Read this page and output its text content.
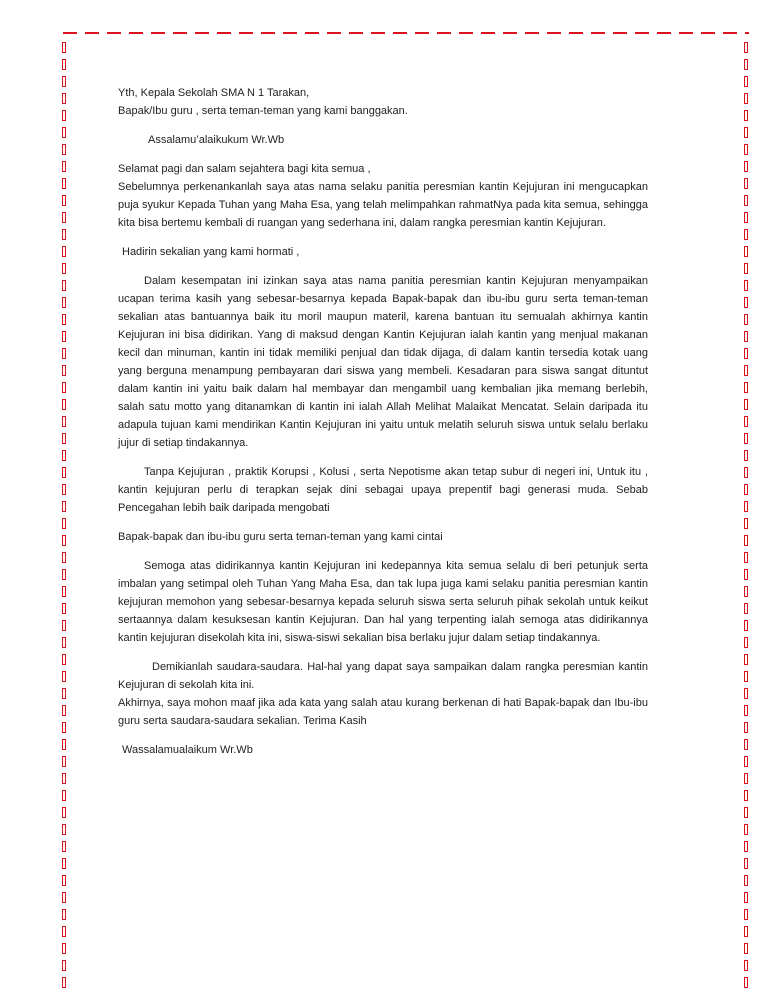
Yth, Kepala Sekolah SMA N 1 Tarakan,

Bapak/Ibu guru , serta teman-teman yang kami banggakan.

Assalamu’alaikukum Wr.Wb

Selamat pagi dan salam sejahtera bagi kita semua ,

Sebelumnya perkenankanlah saya atas nama selaku panitia peresmian kantin Kejujuran ini mengucapkan puja syukur Kepada Tuhan yang Maha Esa, yang telah melimpahkan rahmatNya pada kita semua, sehingga kita bisa bertemu kembali di ruangan yang sederhana ini, dalam rangka peresmian kantin Kejujuran.

Hadirin sekalian yang kami hormati ,

Dalam kesempatan ini izinkan saya atas nama panitia peresmian kantin Kejujuran menyampaikan ucapan terima kasih yang sebesar-besarnya kepada Bapak-bapak dan ibu-ibu guru serta teman-teman sekalian atas bantuannya baik itu moril maupun materil, karena bantuan itu semualah akhirnya kantin Kejujuran ini bisa didirikan. Yang di maksud dengan Kantin Kejujuran ialah kantin yang menjual makanan kecil dan minuman, kantin ini tidak memiliki penjual dan tidak dijaga, di dalam kantin tersedia kotak uang yang berguna menampung pembayaran dari siswa yang membeli. Kesadaran para siswa sangat dituntut dalam kantin ini yaitu baik dalam hal membayar dan mengambil uang kembalian jika memang berlebih, salah satu motto yang ditanamkan di kantin ini ialah Allah Melihat Malaikat Mencatat. Selain daripada itu adapula tujuan kami mendirikan Kantin Kejujuran ini yaitu untuk melatih seluruh siswa untuk selalu berlaku jujur di setiap tindakannya.

Tanpa Kejujuran , praktik Korupsi , Kolusi , serta Nepotisme akan tetap subur di negeri ini, Untuk itu , kantin kejujuran perlu di terapkan sejak dini sebagai upaya prepentif bagi generasi muda. Sebab Pencegahan lebih baik daripada mengobati

Bapak-bapak dan ibu-ibu guru serta teman-teman yang kami cintai

Semoga atas didirikannya kantin Kejujuran ini kedepannya kita semua selalu di beri petunjuk serta imbalan yang setimpal oleh Tuhan Yang Maha Esa, dan tak lupa juga kami selaku panitia peresmian kantin kejujuran memohon yang sebesar-besarnya kepada seluruh siswa serta seluruh pihak sekolah untuk keikut sertaannya dalam kesuksesan kantin Kejujuran. Dan hal yang terpenting ialah semoga atas didirikannya kantin kejujuran disekolah kita ini, siswa-siswi sekalian bisa berlaku jujur dalam setiap tindakannya.

Demikianlah saudara-saudara. Hal-hal yang dapat saya sampaikan dalam rangka peresmian kantin Kejujuran di sekolah kita ini.

Akhirnya, saya mohon maaf jika ada kata yang salah atau kurang berkenan di hati Bapak-bapak dan Ibu-ibu guru serta saudara-saudara sekalian. Terima Kasih

Wassalamualaikum Wr.Wb
